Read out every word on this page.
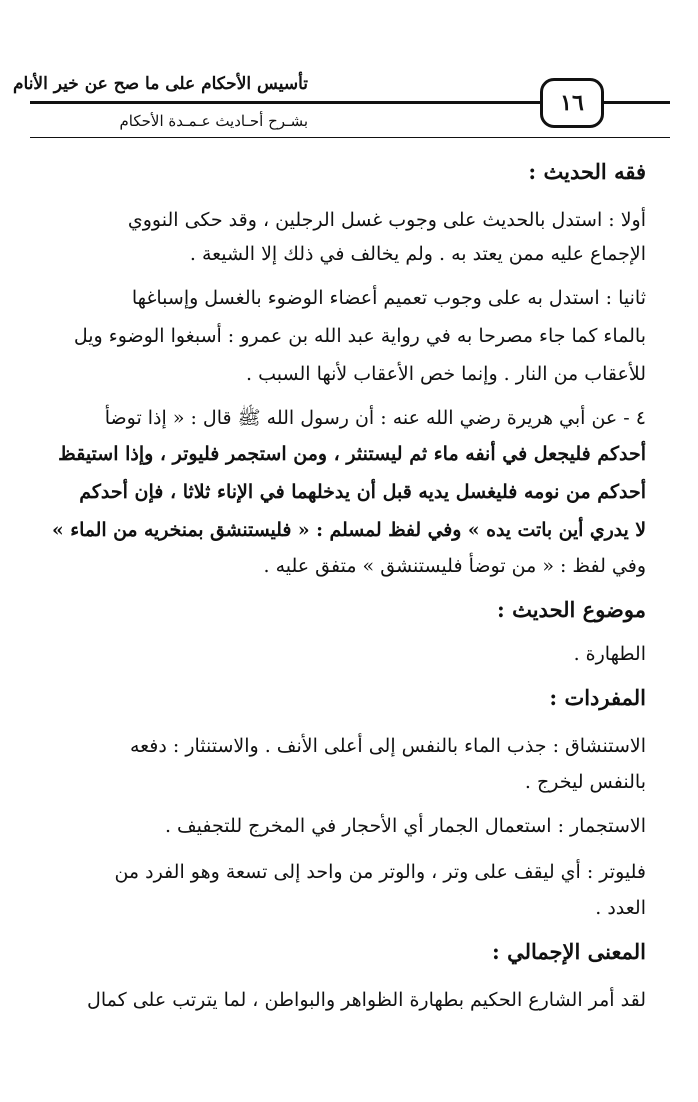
تأسيس الأحكام على ما صح عن خير الأنام
بشـرح أحـاديث عـمـدة الأحكام
١٦
فقه الحديث :
أولا : استدل بالحديث على وجوب غسل الرجلين ، وقد حكى النووي
الإجماع عليه ممن يعتد به . ولم يخالف في ذلك إلا الشيعة .
ثانيا : استدل به على وجوب تعميم أعضاء الوضوء بالغسل وإسباغها
بالماء كما جاء مصرحا به في رواية عبد الله بن عمرو : أسبغوا الوضوء ويل
للأعقاب من النار . وإنما خص الأعقاب لأنها السبب .
٤ - عن أبي هريرة رضي الله عنه : أن رسول الله ﷺ قال : « إذا توضأ
أحدكم فليجعل في أنفه ماء ثم ليستنثر ، ومن استجمر فليوتر ، وإذا استيقظ
أحدكم من نومه فليغسل يديه قبل أن يدخلهما في الإناء ثلاثا ، فإن أحدكم
لا يدري أين باتت يده » وفي لفظ لمسلم : « فليستنشق بمنخريه من الماء »
وفي لفظ : « من توضأ فليستنشق » متفق عليه .
موضوع الحديث :
الطهارة .
المفردات :
الاستنشاق : جذب الماء بالنفس إلى أعلى الأنف . والاستنثار : دفعه
بالنفس ليخرج .
الاستجمار : استعمال الجمار أي الأحجار في المخرج للتجفيف .
فليوتر : أي ليقف على وتر ، والوتر من واحد إلى تسعة وهو الفرد من
العدد .
المعنى الإجمالي :
لقد أمر الشارع الحكيم بطهارة الظواهر والبواطن ، لما يترتب على كمال
